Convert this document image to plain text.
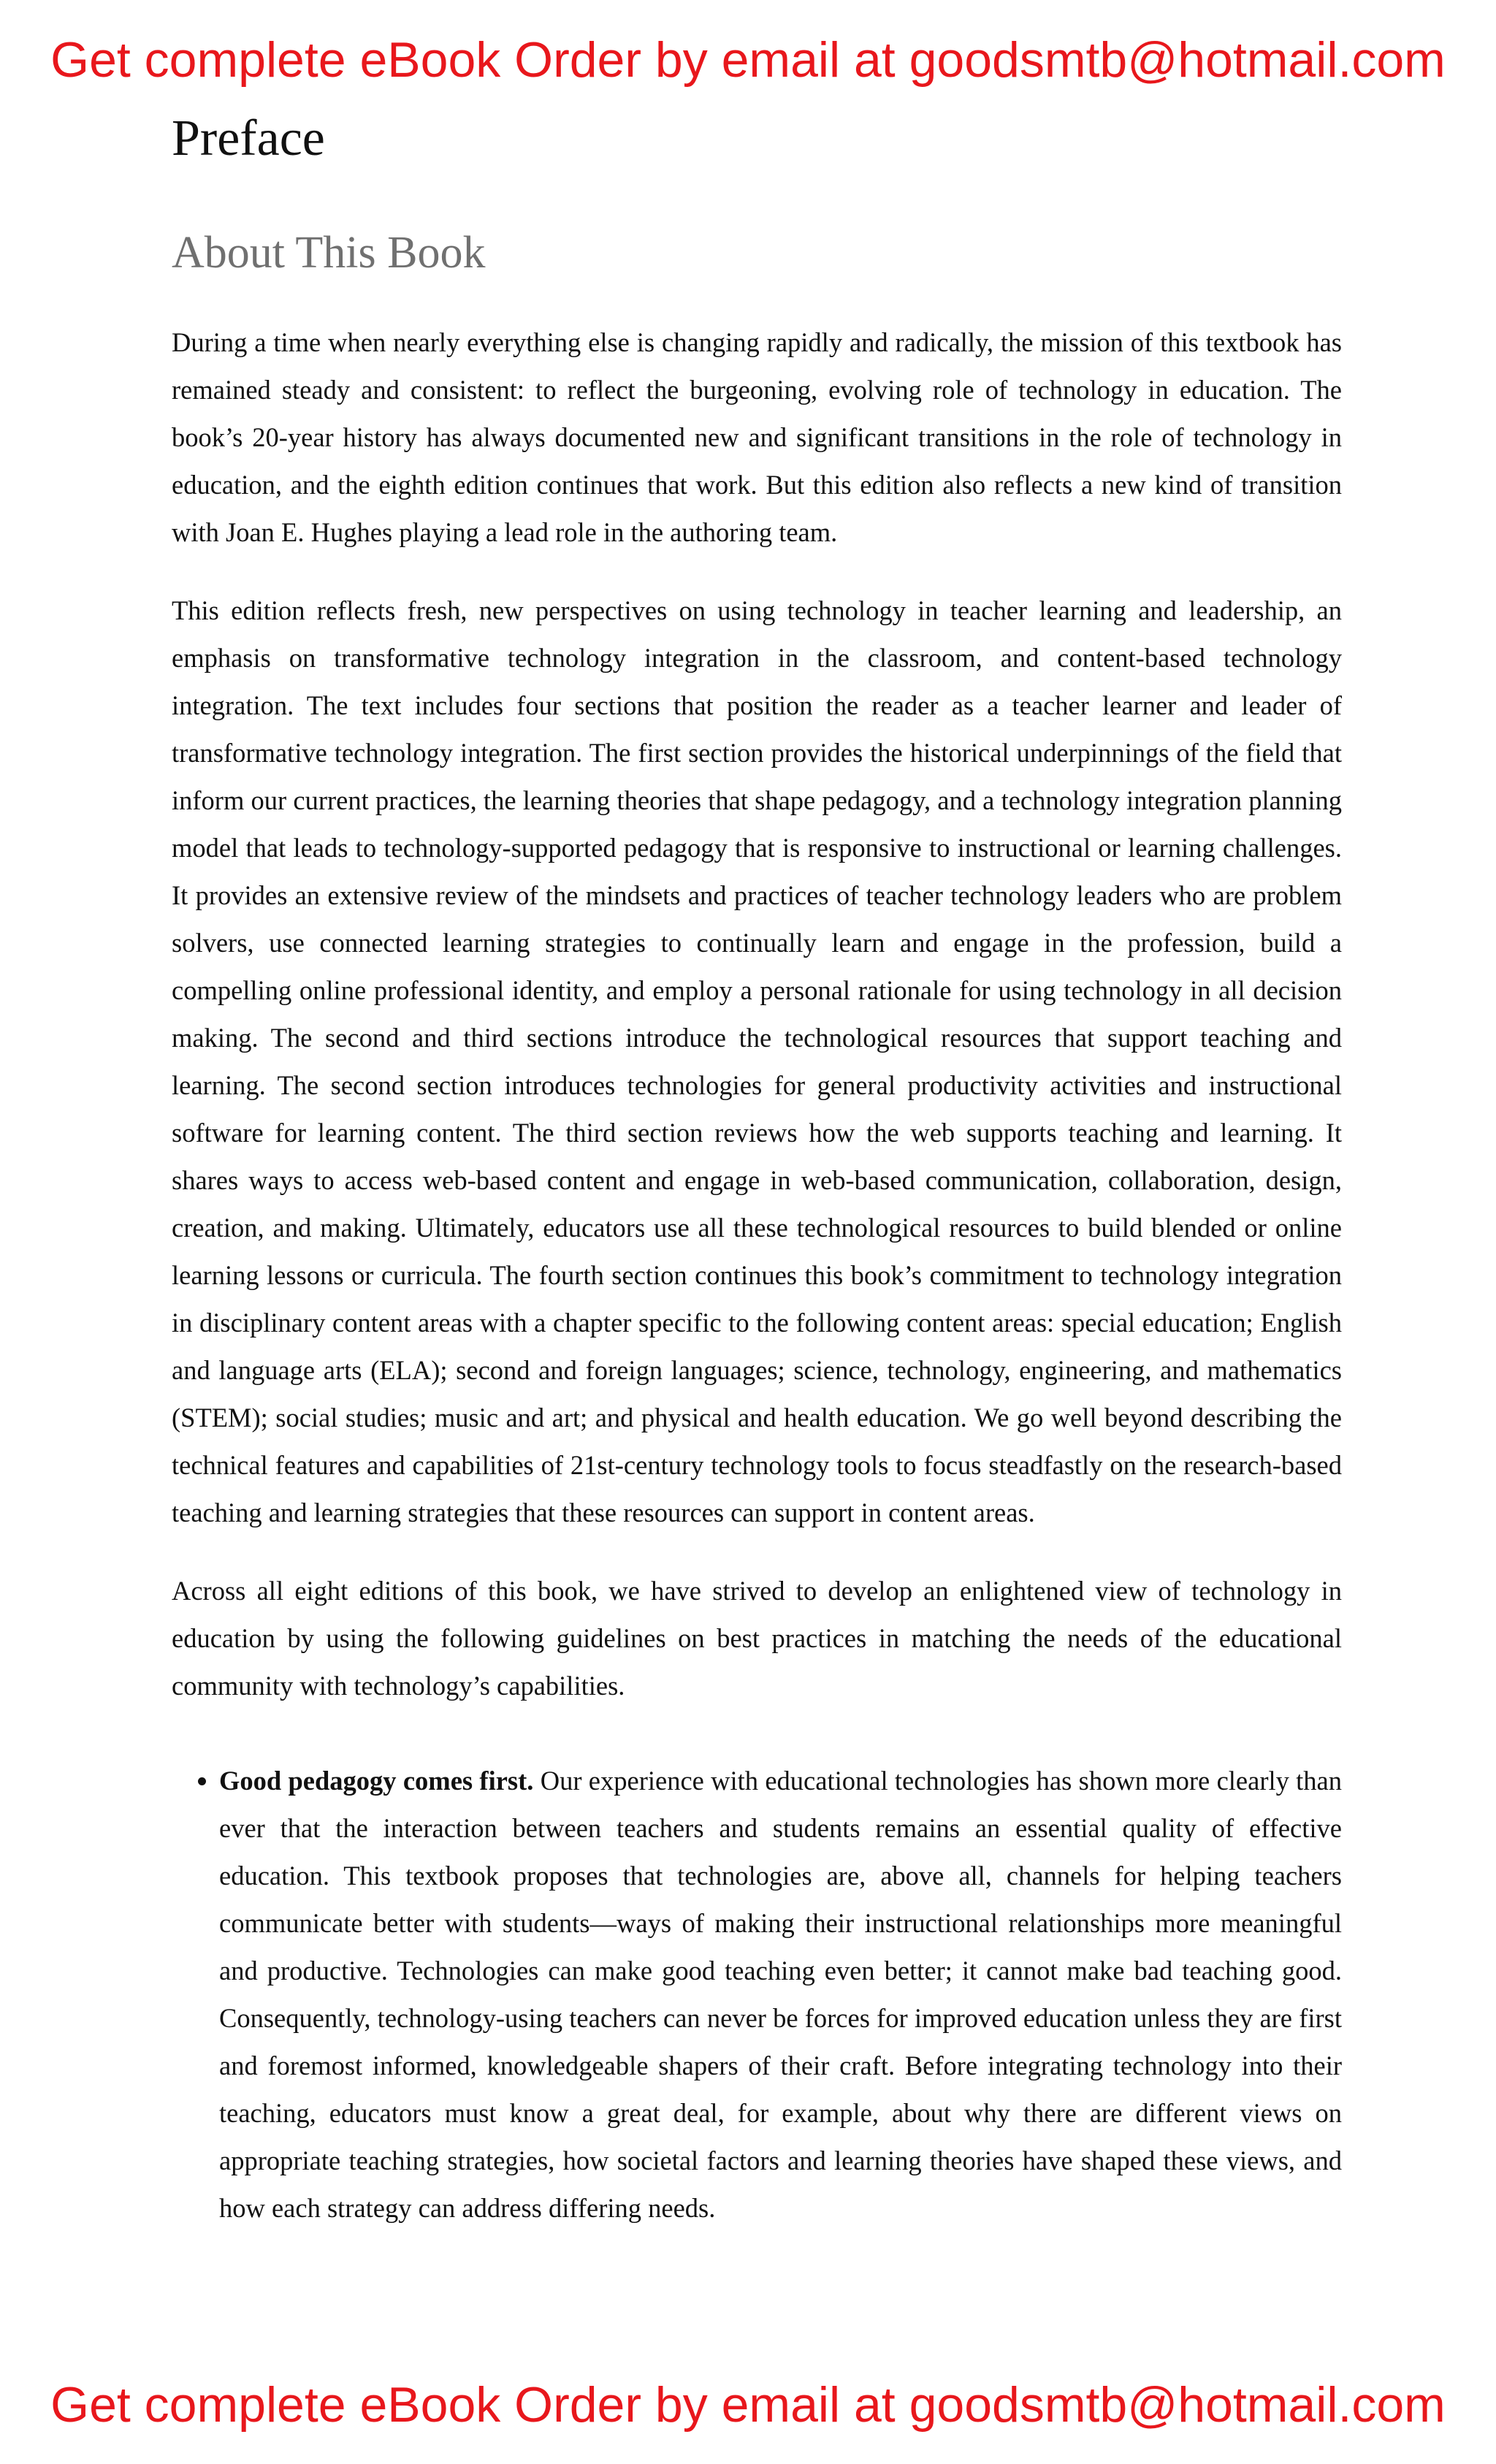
Get complete eBook Order by email at goodsmtb@hotmail.com
Preface
About This Book

During a time when nearly everything else is changing rapidly and radically, the mission of this textbook has remained steady and consistent: to reflect the burgeoning, evolving role of technology in education. The book’s 20-year history has always documented new and significant transitions in the role of technology in education, and the eighth edition continues that work. But this edition also reflects a new kind of transition with Joan E. Hughes playing a lead role in the authoring team.

This edition reflects fresh, new perspectives on using technology in teacher learning and leadership, an emphasis on transformative technology integration in the classroom, and content-based technology integration. The text includes four sections that position the reader as a teacher learner and leader of transformative technology integration. The first section provides the historical underpinnings of the field that inform our current practices, the learning theories that shape pedagogy, and a technology integration planning model that leads to technology-supported pedagogy that is responsive to instructional or learning challenges. It provides an extensive review of the mindsets and practices of teacher technology leaders who are problem solvers, use connected learning strategies to continually learn and engage in the profession, build a compelling online professional identity, and employ a personal rationale for using technology in all decision making. The second and third sections introduce the technological resources that support teaching and learning. The second section introduces technologies for general productivity activities and instructional software for learning content. The third section reviews how the web supports teaching and learning. It shares ways to access web-based content and engage in web-based communication, collaboration, design, creation, and making. Ultimately, educators use all these technological resources to build blended or online learning lessons or curricula. The fourth section continues this book’s commitment to technology integration in disciplinary content areas with a chapter specific to the following content areas: special education; English and language arts (ELA); second and foreign languages; science, technology, engineering, and mathematics (STEM); social studies; music and art; and physical and health education. We go well beyond describing the technical features and capabilities of 21st-century technology tools to focus steadfastly on the research-based teaching and learning strategies that these resources can support in content areas.

Across all eight editions of this book, we have strived to develop an enlightened view of technology in education by using the following guidelines on best practices in matching the needs of the educational community with technology’s capabilities.

• Good pedagogy comes first. Our experience with educational technologies has shown more clearly than ever that the interaction between teachers and students remains an essential quality of effective education. This textbook proposes that technologies are, above all, channels for helping teachers communicate better with students—ways of making their instructional relationships more meaningful and productive. Technologies can make good teaching even better; it cannot make bad teaching good. Consequently, technology-using teachers can never be forces for improved education unless they are first and foremost informed, knowledgeable shapers of their craft. Before integrating technology into their teaching, educators must know a great deal, for example, about why there are different views on appropriate teaching strategies, how societal factors and learning theories have shaped these views, and how each strategy can address differing needs.
Get complete eBook Order by email at goodsmtb@hotmail.com
